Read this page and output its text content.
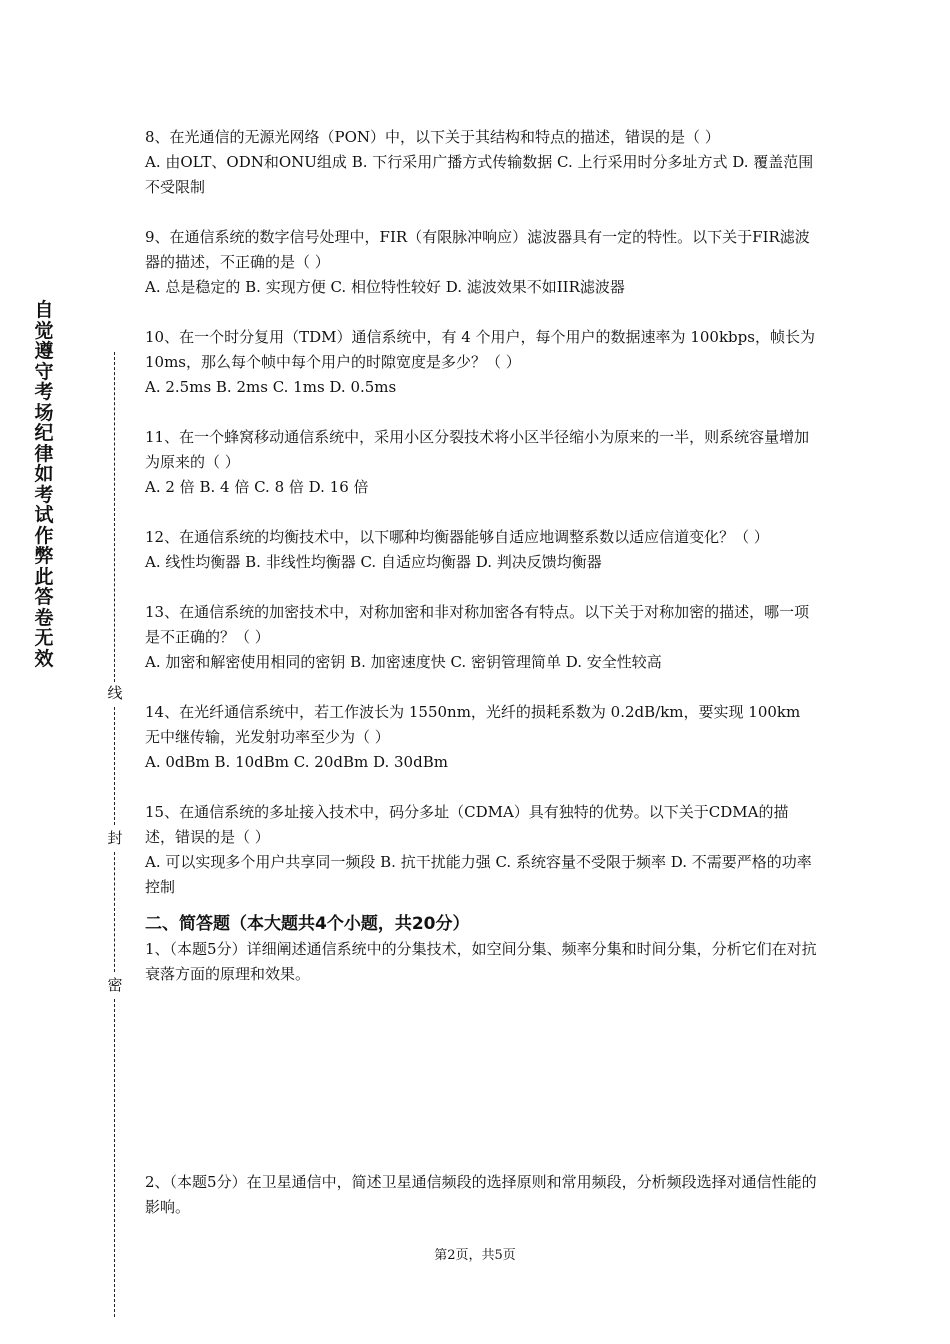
自觉遵守考场纪律如考试作弊此答卷无效
线
封
密

8、在光通信的无源光网络（PON）中，以下关于其结构和特点的描述，错误的是（ ）

A. 由OLT、ODN和ONU组成 B. 下行采用广播方式传输数据 C. 上行采用时分多址方式 D. 覆盖范围不受限制

9、在通信系统的数字信号处理中，FIR（有限脉冲响应）滤波器具有一定的特性。以下关于FIR滤波器的描述，不正确的是（ ）

A. 总是稳定的 B. 实现方便 C. 相位特性较好 D. 滤波效果不如IIR滤波器

10、在一个时分复用（TDM）通信系统中，有 4 个用户，每个用户的数据速率为 100kbps，帧长为 10ms，那么每个帧中每个用户的时隙宽度是多少？（ ）

A. 2.5ms B. 2ms C. 1ms D. 0.5ms

11、在一个蜂窝移动通信系统中，采用小区分裂技术将小区半径缩小为原来的一半，则系统容量增加为原来的（ ）

A. 2 倍 B. 4 倍 C. 8 倍 D. 16 倍

12、在通信系统的均衡技术中，以下哪种均衡器能够自适应地调整系数以适应信道变化？（ ）

A. 线性均衡器 B. 非线性均衡器 C. 自适应均衡器 D. 判决反馈均衡器

13、在通信系统的加密技术中，对称加密和非对称加密各有特点。以下关于对称加密的描述，哪一项是不正确的？（ ）

A. 加密和解密使用相同的密钥 B. 加密速度快 C. 密钥管理简单 D. 安全性较高

14、在光纤通信系统中，若工作波长为 1550nm，光纤的损耗系数为 0.2dB/km，要实现 100km 无中继传输，光发射功率至少为（ ）

A. 0dBm B. 10dBm C. 20dBm D. 30dBm

15、在通信系统的多址接入技术中，码分多址（CDMA）具有独特的优势。以下关于CDMA的描述，错误的是（ ）

A. 可以实现多个用户共享同一频段 B. 抗干扰能力强 C. 系统容量不受限于频率 D. 不需要严格的功率控制

二、简答题（本大题共4个小题，共20分）

1、（本题5分）详细阐述通信系统中的分集技术，如空间分集、频率分集和时间分集，分析它们在对抗衰落方面的原理和效果。

2、（本题5分）在卫星通信中，简述卫星通信频段的选择原则和常用频段，分析频段选择对通信性能的影响。

第2页，共5页
